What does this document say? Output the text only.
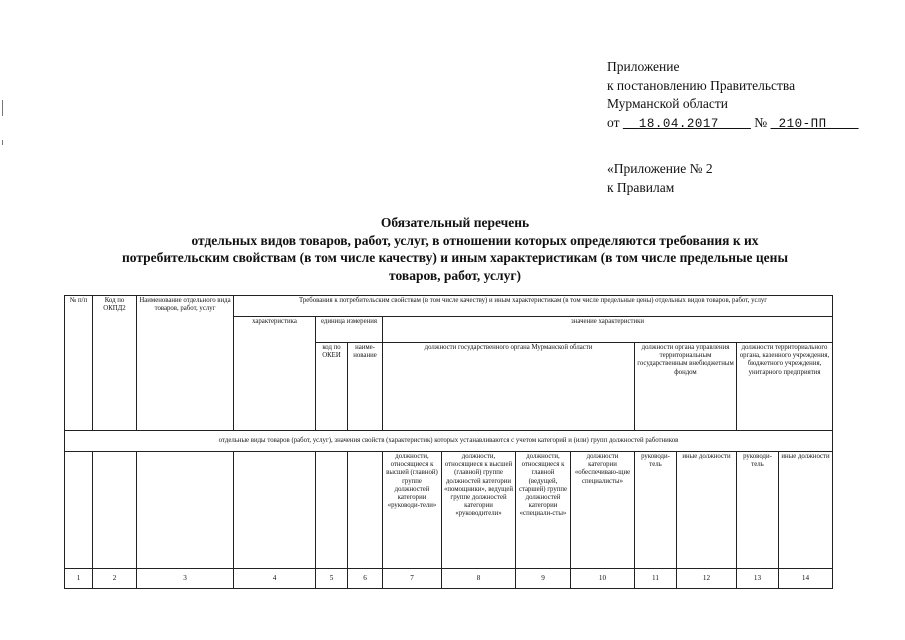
Приложение
к постановлению Правительства
Мурманской области
от 18.04.2017	№ 210-ПП
«Приложение № 2
к Правилам
Обязательный перечень
отдельных видов товаров, работ, услуг, в отношении которых определяются требования к их
потребительским свойствам (в том числе качеству) и иным характеристикам (в том числе предельные цены
товаров, работ, услуг)
№ п/п	Код по ОКПД2	Наименование отдельного вида товаров, работ, услуг	Требования к потребительским свойствам (в том числе качеству) и иным характеристикам (в том числе предельные цены) отдельных видов товаров, работ, услуг										
			характеристика	единица измерения		значение характеристики							
				код по ОКЕИ	наиме-нование	должности государственного органа Мурманской области				должности органа управления территориальным государственным внебюджетным фондом		должности территориального органа, казенного учреждения, бюджетного учреждения, унитарного предприятия	
отдельные виды товаров (работ, услуг), значения свойств (характеристик) которых устанавливаются с учетом категорий и (или) групп должностей работников													
						должности, относящиеся к высшей (главной) группе должностей категории «руководи-тели»	должности, относящиеся к высшей (главной) группе должностей категории «помощники», ведущей группе должностей категории «руководители»	должности, относящиеся к главной (ведущей, старшей) группе должностей категории «специали-сты»	должности категории «обеспечиваю-щие специалисты»	руководи-тель	иные должности	руководи-тель	иные должности
1	2	3	4	5	6	7	8	9	10	11	12	13	14
